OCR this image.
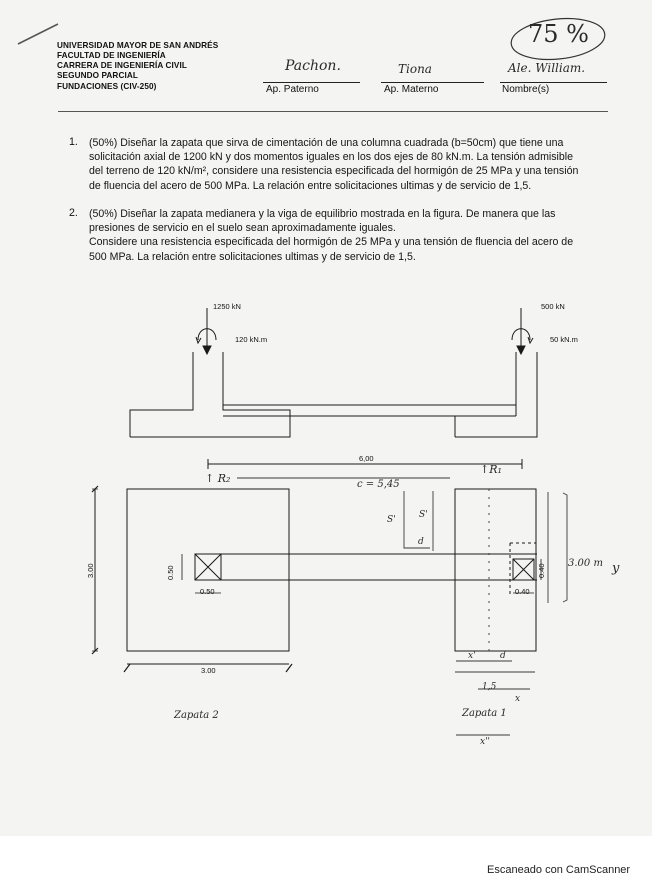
UNIVERSIDAD MAYOR DE SAN ANDRÉS
FACULTAD DE INGENIERÍA
CARRERA DE INGENIERÍA CIVIL
SEGUNDO PARCIAL
FUNDACIONES (CIV-250)
Pachon.	Tiona	Ale. William.
Ap. Paterno	Ap. Materno	Nombre(s)
75 %
1. (50%) Diseñar la zapata que sirva de cimentación de una columna cuadrada (b=50cm) que tiene una
solicitación axial de 1200 kN y dos momentos iguales en los dos ejes de 80 kN.m. La tensión admisible
del terreno de 120 kN/m², considere una resistencia especificada del hormigón de 25 MPa y una tensión
de fluencia del acero de 500 MPa. La relación entre solicitaciones ultimas y de servicio de 1,5.
2. (50%) Diseñar la zapata medianera y la viga de equilibrio mostrada en la figura. De manera que las
presiones de servicio en el suelo sean aproximadamente iguales.
Considere una resistencia especificada del hormigón de 25 MPa y una tensión de fluencia del acero de
500 MPa. La relación entre solicitaciones ultimas y de servicio de 1,5.
1250 kN
120 kN.m
500 kN
50 kN.m
6,00
0.50
0.50
0.40
0.40
3.00
3.00
↑ R₂
↑R₁
c = 5,45
S'	S'
d
3.00 m y
x'	d
1,5
x
Zapata 1
Zapata 2
x''
Escaneado con CamScanner
